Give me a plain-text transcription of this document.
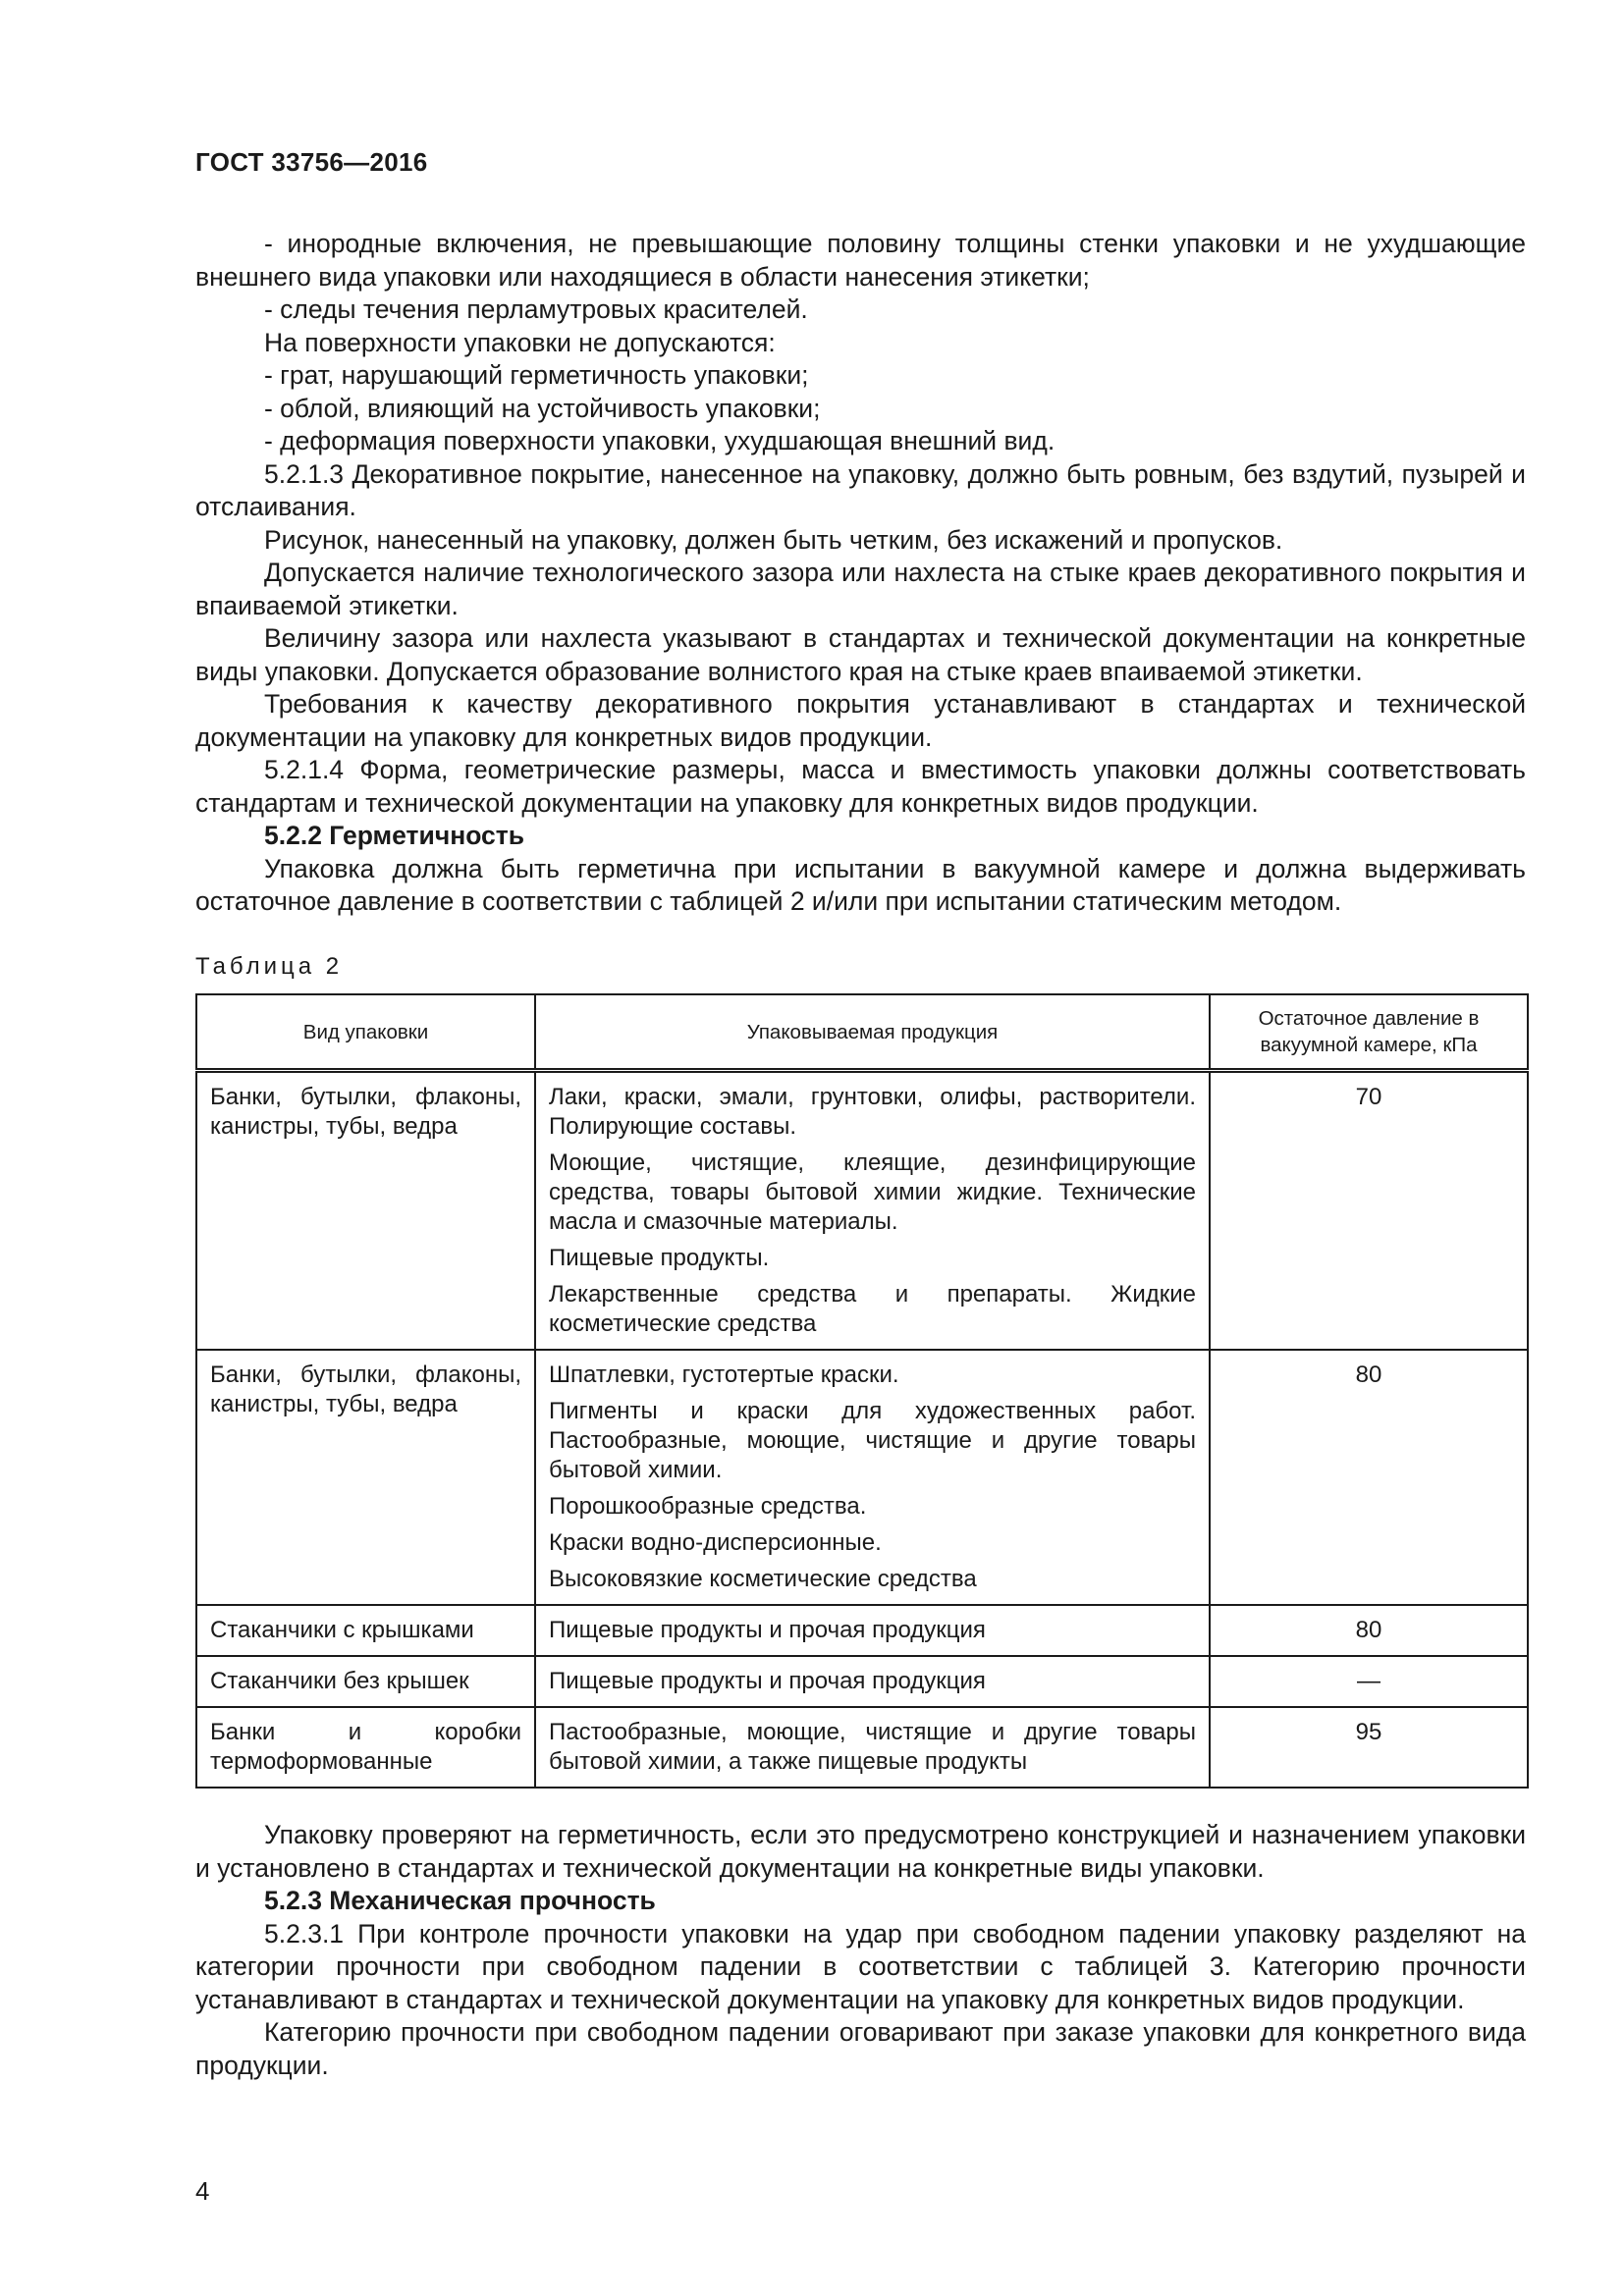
ГОСТ 33756—2016

- инородные включения, не превышающие половину толщины стенки упаковки и не ухудшающие внешнего вида упаковки или находящиеся в области нанесения этикетки;

- следы течения перламутровых красителей.

На поверхности упаковки не допускаются:

- грат, нарушающий герметичность упаковки;

- облой, влияющий на устойчивость упаковки;

- деформация поверхности упаковки, ухудшающая внешний вид.

5.2.1.3 Декоративное покрытие, нанесенное на упаковку, должно быть ровным, без вздутий, пузырей и отслаивания.

Рисунок, нанесенный на упаковку, должен быть четким, без искажений и пропусков.

Допускается наличие технологического зазора или нахлеста на стыке краев декоративного покрытия и впаиваемой этикетки.

Величину зазора или нахлеста указывают в стандартах и технической документации на конкретные виды упаковки. Допускается образование волнистого края на стыке краев впаиваемой этикетки.

Требования к качеству декоративного покрытия устанавливают в стандартах и технической документации на упаковку для конкретных видов продукции.

5.2.1.4 Форма, геометрические размеры, масса и вместимость упаковки должны соответствовать стандартам и технической документации на упаковку для конкретных видов продукции.

5.2.2 Герметичность

Упаковка должна быть герметична при испытании в вакуумной камере и должна выдерживать остаточное давление в соответствии с таблицей 2 и/или при испытании статическим методом.

Таблица 2
Вид упаковки	Упаковываемая продукция	Остаточное давление в вакуумной камере, кПа
Банки, бутылки, флаконы, канистры, тубы, ведра	Лаки, краски, эмали, грунтовки, олифы, растворители. Полирующие составы.
Моющие, чистящие, клеящие, дезинфицирующие средства, товары бытовой химии жидкие. Технические масла и смазочные материалы.
Пищевые продукты.
Лекарственные средства и препараты. Жидкие косметические средства	70
Банки, бутылки, флаконы, канистры, тубы, ведра	Шпатлевки, густотертые краски.
Пигменты и краски для художественных работ. Пастообразные, моющие, чистящие и другие товары бытовой химии.
Порошкообразные средства.
Краски водно-дисперсионные.
Высоковязкие косметические средства	80
Стаканчики с крышками	Пищевые продукты и прочая продукция	80
Стаканчики без крышек	Пищевые продукты и прочая продукция	—
Банки и коробки термоформованные	Пастообразные, моющие, чистящие и другие товары бытовой химии, а также пищевые продукты	95

Упаковку проверяют на герметичность, если это предусмотрено конструкцией и назначением упаковки и установлено в стандартах и технической документации на конкретные виды упаковки.

5.2.3 Механическая прочность

5.2.3.1 При контроле прочности упаковки на удар при свободном падении упаковку разделяют на категории прочности при свободном падении в соответствии с таблицей 3. Категорию прочности устанавливают в стандартах и технической документации на упаковку для конкретных видов продукции.

Категорию прочности при свободном падении оговаривают при заказе упаковки для конкретного вида продукции.

4
